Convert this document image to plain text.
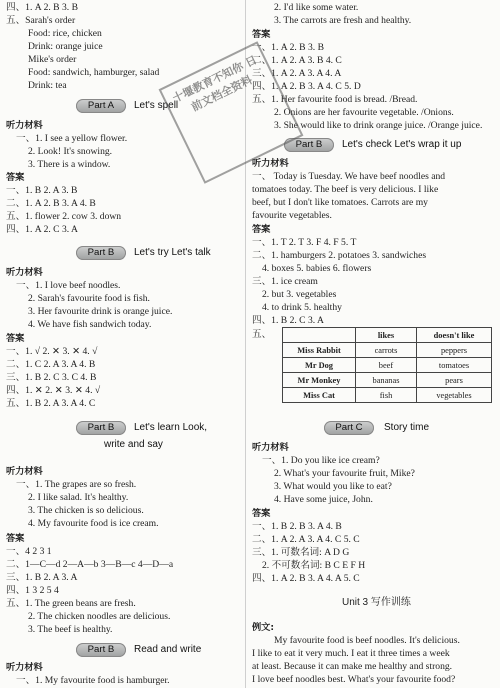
四、1. A 2. B 3. B
五、Sarah's order
Food: rice, chicken
Drink: orange juice
Mike's order
Food: sandwich, hamburger, salad
Drink: tea
Part A	Let's spell
听力材料
一、1. I see a yellow flower.
2. Look! It's snowing.
3. There is a window.
答案
一、1. B 2. A 3. B
二、1. A 2. B 3. A 4. B
五、1. flower 2. cow 3. down
四、1. A 2. C 3. A
Part B	Let's try Let's talk
听力材料
一、1. I love beef noodles.
2. Sarah's favourite food is fish.
3. Her favourite drink is orange juice.
4. We have fish sandwich today.
答案
一、1. √ 2. ✕ 3. ✕ 4. √
二、1. C 2. A 3. A 4. B
三、1. B 2. C 3. C 4. B
四、1. ✕ 2. ✕ 3. ✕ 4. √
五、1. B 2. A 3. A 4. C
Part B	Let's learn Look,
write and say
听力材料
一、1. The grapes are so fresh.
2. I like salad. It's healthy.
3. The chicken is so delicious.
4. My favourite food is ice cream.
答案
一、4 2 3 1
二、1—C—d 2—A—b 3—B—c 4—D—a
三、1. B 2. A 3. A
四、1 3 2 5 4
五、1. The green beans are fresh.
2. The chicken noodles are delicious.
3. The beef is healthy.
Part B	Read and write
听力材料
一、1. My favourite food is hamburger.
2. I'd like some water.
3. The carrots are fresh and healthy.
答案
一、1. A 2. B 3. B
二、1. A 2. A 3. B 4. C
三、1. A 2. A 3. A 4. A
四、1. A 2. B 3. A 4. C 5. D
五、1. Her favourite food is bread. /Bread.
2. Onions are her favourite vegetable. /Onions.
3. She would like to drink orange juice. /Orange juice.
Part B	Let's check Let's wrap it up
听力材料
一、 Today is Tuesday. We have beef noodles and
tomatoes today. The beef is very delicious. I like
beef, but I don't like tomatoes. Carrots are my
favourite vegetables.
答案
一、1. T 2. T 3. F 4. F 5. T
二、1. hamburgers 2. potatoes 3. sandwiches
4. boxes 5. babies 6. flowers
三、1. ice cream
2. but 3. vegetables
4. to drink 5. healthy
四、1. B 2. C 3. A
五、
		likes	doesn't like
Miss Rabbit	carrots	peppers
Mr Dog	beef	tomatoes
Mr Monkey	bananas	pears
Miss Cat	fish	vegetables
Part C	Story time
听力材料
一、1. Do you like ice cream?
2. What's your favourite fruit, Mike?
3. What would you like to eat?
4. Have some juice, John.
答案
一、1. B 2. B 3. A 4. B
二、1. A 2. A 3. A 4. C 5. C
三、1. 可数名词: A D G
2. 不可数名词: B C E F H
四、1. A 2. B 3. A 4. A 5. C
Unit 3 写作训练
例文:
My favourite food is beef noodles. It's delicious.
I like to eat it very much. I eat it three times a week
at least. Because it can make me healthy and strong.
I love beef noodles best. What's your favourite food?
十堰教育不知你 日前文档全资料
